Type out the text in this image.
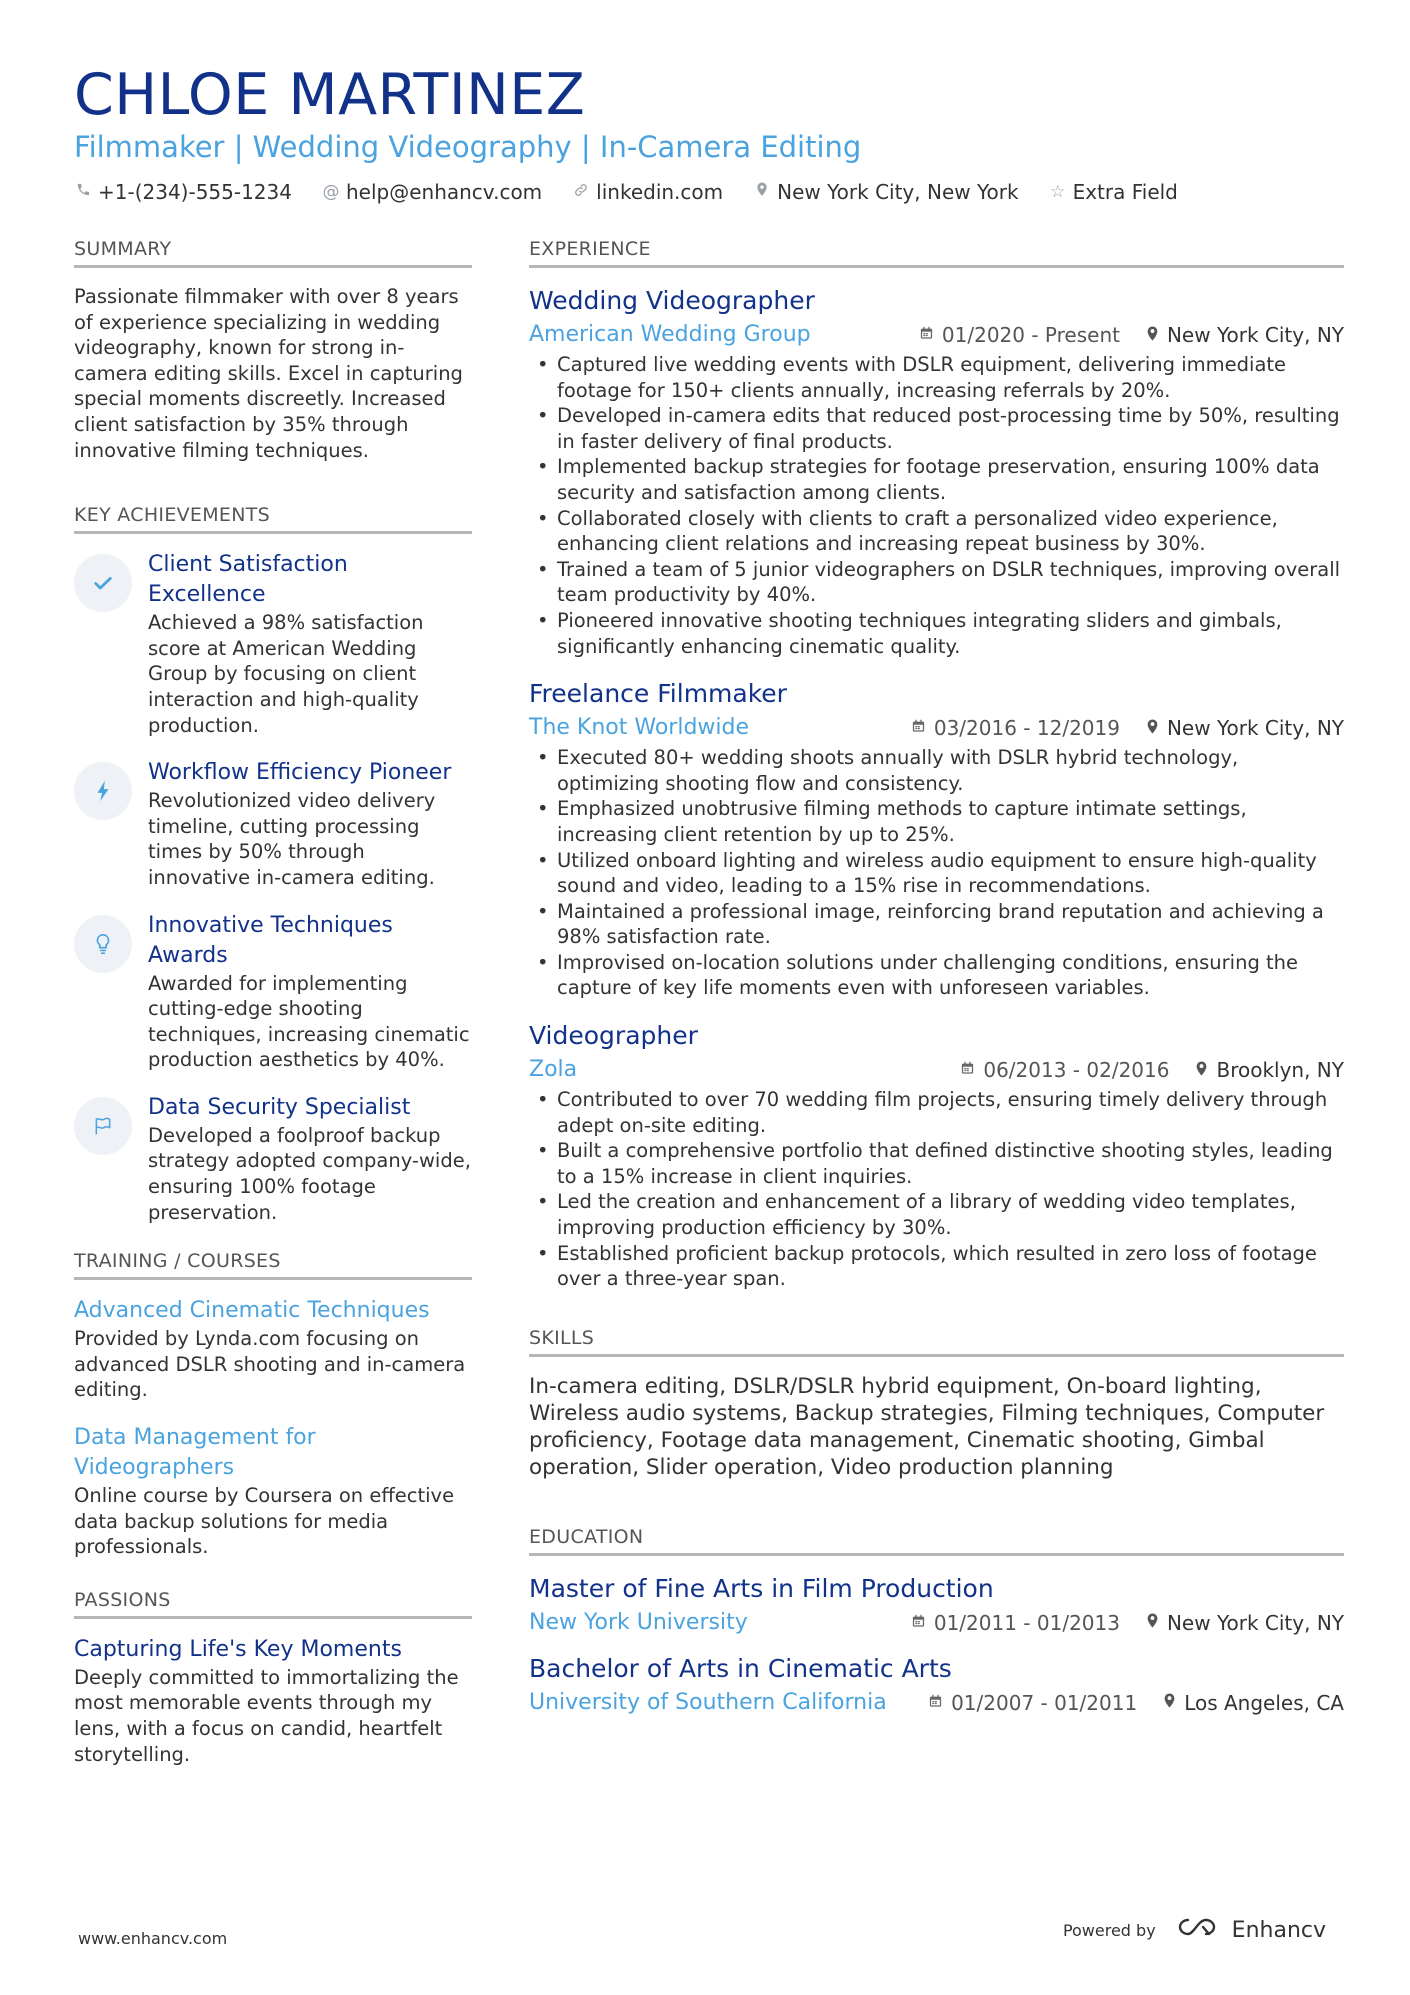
CHLOE MARTINEZ
Filmmaker | Wedding Videography | In-Camera Editing
+1-(234)-555-1234 @ help@enhancv.com	linkedin.com	New York City, New York ☆ Extra Field
SUMMARY
Passionate filmmaker with over 8 years of experience specializing in wedding videography, known for strong in-camera editing skills. Excel in capturing special moments discreetly. Increased client satisfaction by 35% through innovative filming techniques.
KEY ACHIEVEMENTS
Client Satisfaction Excellence
Achieved a 98% satisfaction score at American Wedding Group by focusing on client interaction and high-quality production.
Workflow Efficiency Pioneer
Revolutionized video delivery timeline, cutting processing times by 50% through innovative in-camera editing.
Innovative Techniques Awards
Awarded for implementing cutting-edge shooting techniques, increasing cinematic production aesthetics by 40%.
Data Security Specialist
Developed a foolproof backup strategy adopted company-wide, ensuring 100% footage preservation.
TRAINING / COURSES
Advanced Cinematic Techniques
Provided by Lynda.com focusing on advanced DSLR shooting and in-camera editing.
Data Management for Videographers
Online course by Coursera on effective data backup solutions for media professionals.
PASSIONS
Capturing Life's Key Moments
Deeply committed to immortalizing the most memorable events through my lens, with a focus on candid, heartfelt storytelling.
EXPERIENCE
Wedding Videographer
American Wedding Group	01/2020 - Present New York City, NY
• Captured live wedding events with DSLR equipment, delivering immediate footage for 150+ clients annually, increasing referrals by 20%.
• Developed in-camera edits that reduced post-processing time by 50%, resulting in faster delivery of final products.
• Implemented backup strategies for footage preservation, ensuring 100% data security and satisfaction among clients.
• Collaborated closely with clients to craft a personalized video experience, enhancing client relations and increasing repeat business by 30%.
• Trained a team of 5 junior videographers on DSLR techniques, improving overall team productivity by 40%.
• Pioneered innovative shooting techniques integrating sliders and gimbals, significantly enhancing cinematic quality.
Freelance Filmmaker
The Knot Worldwide	03/2016 - 12/2019 New York City, NY
• Executed 80+ wedding shoots annually with DSLR hybrid technology, optimizing shooting flow and consistency.
• Emphasized unobtrusive filming methods to capture intimate settings, increasing client retention by up to 25%.
• Utilized onboard lighting and wireless audio equipment to ensure high-quality sound and video, leading to a 15% rise in recommendations.
• Maintained a professional image, reinforcing brand reputation and achieving a 98% satisfaction rate.
• Improvised on-location solutions under challenging conditions, ensuring the capture of key life moments even with unforeseen variables.
Videographer
Zola	06/2013 - 02/2016 Brooklyn, NY
• Contributed to over 70 wedding film projects, ensuring timely delivery through adept on-site editing.
• Built a comprehensive portfolio that defined distinctive shooting styles, leading to a 15% increase in client inquiries.
• Led the creation and enhancement of a library of wedding video templates, improving production efficiency by 30%.
• Established proficient backup protocols, which resulted in zero loss of footage over a three-year span.
SKILLS
In-camera editing, DSLR/DSLR hybrid equipment, On-board lighting, Wireless audio systems, Backup strategies, Filming techniques, Computer proficiency, Footage data management, Cinematic shooting, Gimbal operation, Slider operation, Video production planning
EDUCATION
Master of Fine Arts in Film Production
New York University	01/2011 - 01/2013 New York City, NY
Bachelor of Arts in Cinematic Arts
University of Southern California	01/2007 - 01/2011 Los Angeles, CA
www.enhancv.com	Powered by	Enhancv
